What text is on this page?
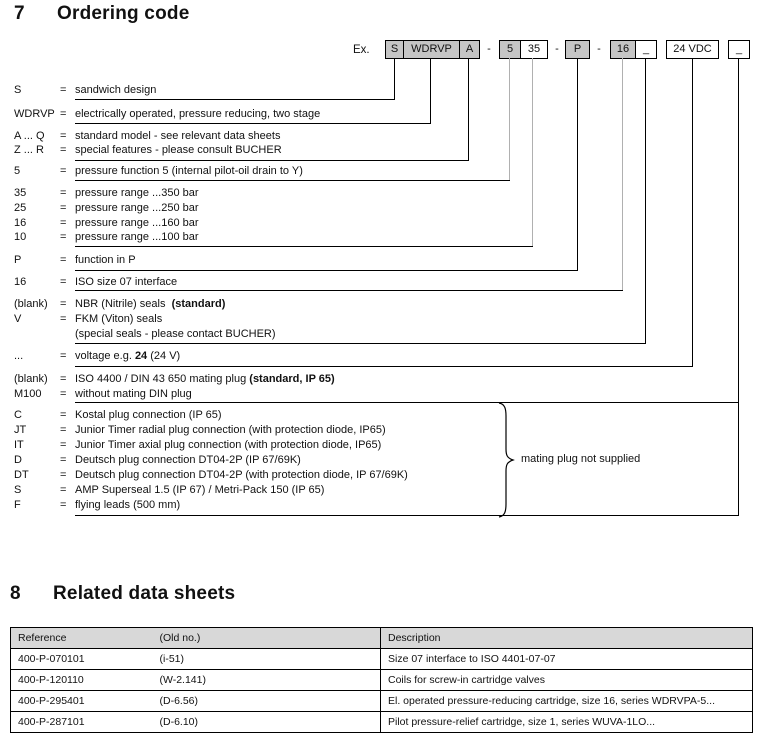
7	Ordering code
Ex.	S	WDRVP	A	-	5	35	-	P	-	16	_	24 VDC	_
S	= sandwich design
WDRVP = electrically operated, pressure reducing, two stage
A ... Q	= standard model - see relevant data sheets
Z ... R	= special features - please consult BUCHER
5	= pressure function 5 (internal pilot-oil drain to Y)
35	= pressure range ...350 bar
25	= pressure range ...250 bar
16	= pressure range ...160 bar
10	= pressure range ...100 bar
P	= function in P
16	= ISO size 07 interface
(blank)	= NBR (Nitrile) seals  (standard)
V	= FKM (Viton) seals
(special seals - please contact BUCHER)
...	= voltage e.g. 24 (24 V)
(blank)	= ISO 4400 / DIN 43 650 mating plug (standard, IP 65)
M100	= without mating DIN plug
C	= Kostal plug connection (IP 65)
JT	= Junior Timer radial plug connection (with protection diode, IP65)
IT	= Junior Timer axial plug connection (with protection diode, IP65)
D	= Deutsch plug connection DT04-2P (IP 67/69K)
DT	= Deutsch plug connection DT04-2P (with protection diode, IP 67/69K)
S	= AMP Superseal 1.5 (IP 67) / Metri-Pack 150 (IP 65)
F	= flying leads (500 mm)
mating plug not supplied
8	Related data sheets
Reference	(Old no.)	Description
400-P-070101	(i-51)	Size 07 interface to ISO 4401-07-07
400-P-120110	(W-2.141)	Coils for screw-in cartridge valves
400-P-295401	(D-6.56)	El. operated pressure-reducing cartridge, size 16, series WDRVPA-5...
400-P-287101	(D-6.10)	Pilot pressure-relief cartridge, size 1, series WUVA-1LO...
